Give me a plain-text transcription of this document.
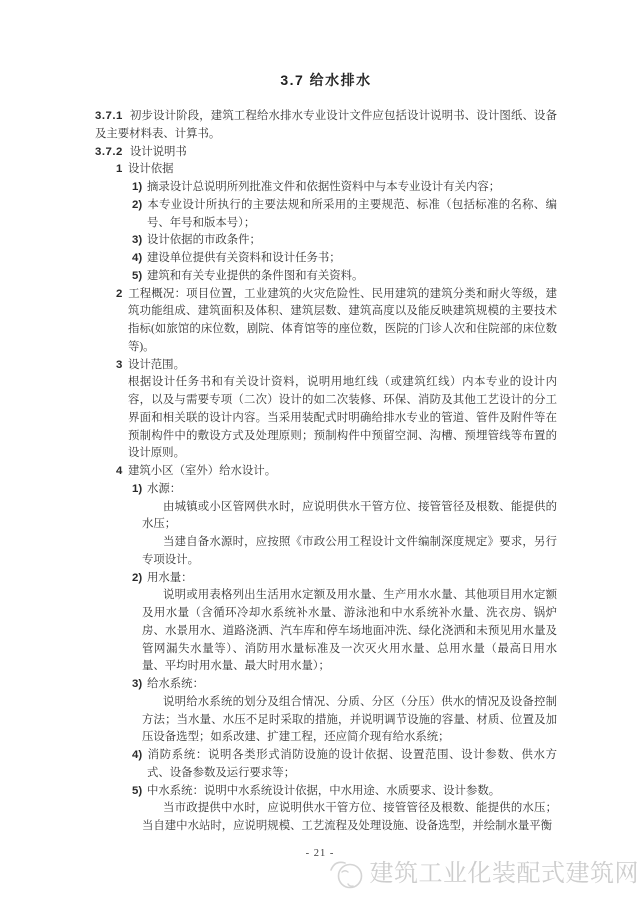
3.7 给水排水

3.7.1 初步设计阶段，建筑工程给水排水专业设计文件应包括设计说明书、设计图纸、设备及主要材料表、计算书。

3.7.2 设计说明书

1 设计依据

1) 摘录设计总说明所列批准文件和依据性资料中与本专业设计有关内容；

2) 本专业设计所执行的主要法规和所采用的主要规范、标准（包括标准的名称、编号、年号和版本号）；

3) 设计依据的市政条件；

4) 建设单位提供有关资料和设计任务书；

5) 建筑和有关专业提供的条件图和有关资料。

2 工程概况：项目位置，工业建筑的火灾危险性、民用建筑的建筑分类和耐火等级，建筑功能组成、建筑面积及体积、建筑层数、建筑高度以及能反映建筑规模的主要技术指标(如旅馆的床位数，剧院、体育馆等的座位数，医院的门诊人次和住院部的床位数等)。

3 设计范围。

根据设计任务书和有关设计资料，说明用地红线（或建筑红线）内本专业的设计内容，以及与需要专项（二次）设计的如二次装修、环保、消防及其他工艺设计的分工界面和相关联的设计内容。当采用装配式时明确给排水专业的管道、管件及附件等在预制构件中的敷设方式及处理原则；预制构件中预留空洞、沟槽、预埋管线等布置的设计原则。

4 建筑小区（室外）给水设计。

1) 水源：

由城镇或小区管网供水时，应说明供水干管方位、接管管径及根数、能提供的水压；

当建自备水源时，应按照《市政公用工程设计文件编制深度规定》要求，另行专项设计。

2) 用水量：

说明或用表格列出生活用水定额及用水量、生产用水水量、其他项目用水定额及用水量（含循环冷却水系统补水量、游泳池和中水系统补水量、洗衣房、锅炉房、水景用水、道路浇洒、汽车库和停车场地面冲洗、绿化浇洒和未预见用水量及管网漏失水量等）、消防用水量标准及一次灭火用水量、总用水量（最高日用水量、平均时用水量、最大时用水量）；

3) 给水系统：

说明给水系统的划分及组合情况、分质、分区（分压）供水的情况及设备控制方法；当水量、水压不足时采取的措施，并说明调节设施的容量、材质、位置及加压设备选型；如系改建、扩建工程，还应简介现有给水系统；

4) 消防系统：说明各类形式消防设施的设计依据、设置范围、设计参数、供水方式、设备参数及运行要求等；

5) 中水系统：说明中水系统设计依据，中水用途、水质要求、设计参数。

当市政提供中水时，应说明供水干管方位、接管管径及根数、能提供的水压；当自建中水站时，应说明规模、工艺流程及处理设施、设备选型，并绘制水量平衡

- 21 -
建筑工业化装配式建筑网
